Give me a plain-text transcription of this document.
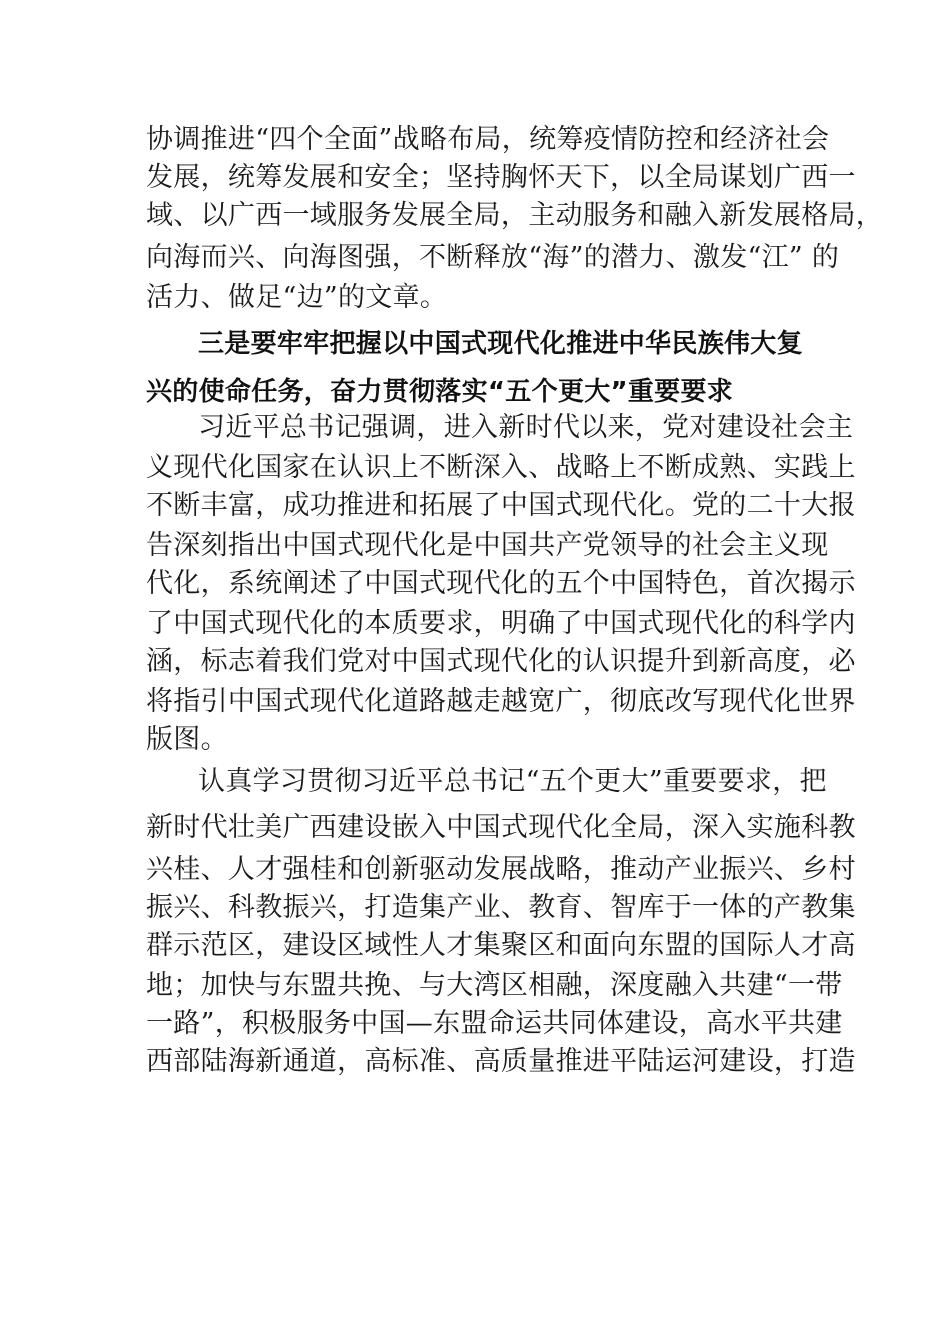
协调推进“四个全面”战略布局，统筹疫情防控和经济社会
发展，统筹发展和安全；坚持胸怀天下，以全局谋划广西一
域、以广西一域服务发展全局，主动服务和融入新发展格局，
向海而兴、向海图强，不断释放“海”的潜力、激发“江” 的
活力、做足“边”的文章。
三是要牢牢把握以中国式现代化推进中华民族伟大复
兴的使命任务，奋力贯彻落实“五个更大”重要要求
习近平总书记强调，进入新时代以来，党对建设社会主
义现代化国家在认识上不断深入、战略上不断成熟、实践上
不断丰富，成功推进和拓展了中国式现代化。党的二十大报
告深刻指出中国式现代化是中国共产党领导的社会主义现
代化，系统阐述了中国式现代化的五个中国特色，首次揭示
了中国式现代化的本质要求，明确了中国式现代化的科学内
涵，标志着我们党对中国式现代化的认识提升到新高度，必
将指引中国式现代化道路越走越宽广，彻底改写现代化世界
版图。
认真学习贯彻习近平总书记“五个更大”重要要求，把
新时代壮美广西建设嵌入中国式现代化全局，深入实施科教
兴桂、人才强桂和创新驱动发展战略，推动产业振兴、乡村
振兴、科教振兴，打造集产业、教育、智库于一体的产教集
群示范区，建设区域性人才集聚区和面向东盟的国际人才高
地；加快与东盟共挽、与大湾区相融，深度融入共建“一带
一路”，积极服务中国—东盟命运共同体建设，高水平共建
西部陆海新通道，高标准、高质量推进平陆运河建设，打造
